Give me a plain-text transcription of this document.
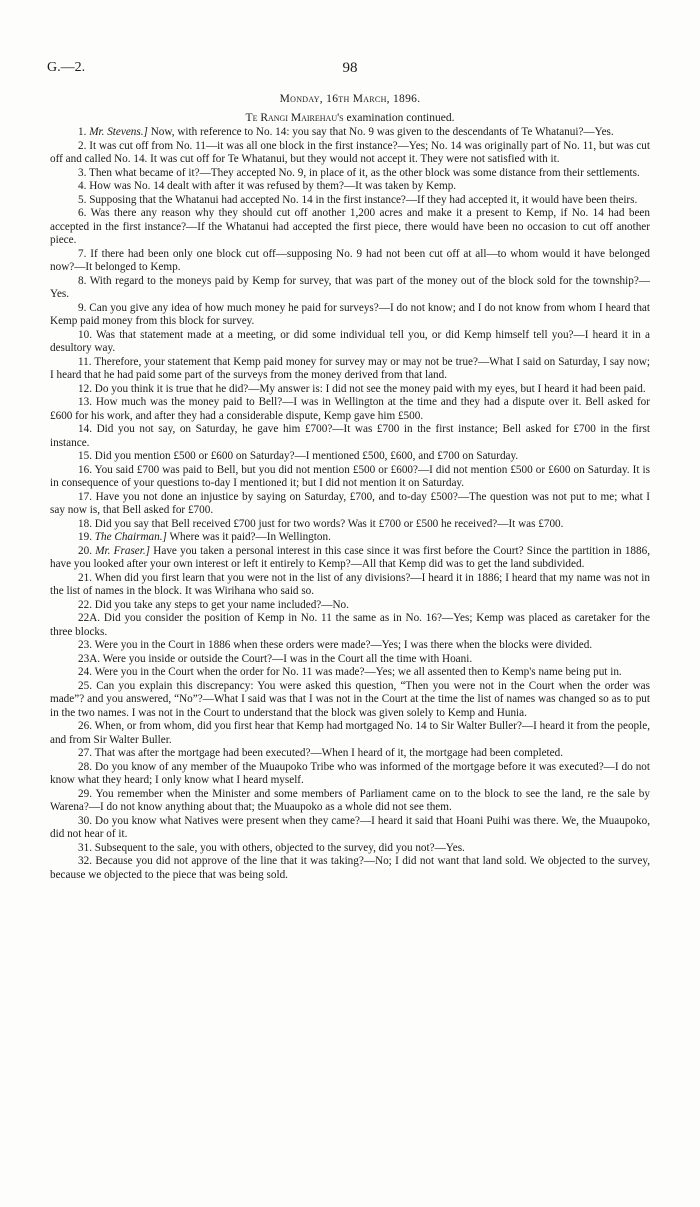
G.—2.	98
Monday, 16th March, 1896.
Te Rangi Mairehau's examination continued.

1. Mr. Stevens.] Now, with reference to No. 14: you say that No. 9 was given to the descendants of Te Whatanui?—Yes.

2. It was cut off from No. 11—it was all one block in the first instance?—Yes; No. 14 was originally part of No. 11, but was cut off and called No. 14. It was cut off for Te Whatanui, but they would not accept it. They were not satisfied with it.

3. Then what became of it?—They accepted No. 9, in place of it, as the other block was some distance from their settlements.

4. How was No. 14 dealt with after it was refused by them?—It was taken by Kemp.

5. Supposing that the Whatanui had accepted No. 14 in the first instance?—If they had accepted it, it would have been theirs.

6. Was there any reason why they should cut off another 1,200 acres and make it a present to Kemp, if No. 14 had been accepted in the first instance?—If the Whatanui had accepted the first piece, there would have been no occasion to cut off another piece.

7. If there had been only one block cut off—supposing No. 9 had not been cut off at all—to whom would it have belonged now?—It belonged to Kemp.

8. With regard to the moneys paid by Kemp for survey, that was part of the money out of the block sold for the township?—Yes.

9. Can you give any idea of how much money he paid for surveys?—I do not know; and I do not know from whom I heard that Kemp paid money from this block for survey.

10. Was that statement made at a meeting, or did some individual tell you, or did Kemp himself tell you?—I heard it in a desultory way.

11. Therefore, your statement that Kemp paid money for survey may or may not be true?—What I said on Saturday, I say now; I heard that he had paid some part of the surveys from the money derived from that land.

12. Do you think it is true that he did?—My answer is: I did not see the money paid with my eyes, but I heard it had been paid.

13. How much was the money paid to Bell?—I was in Wellington at the time and they had a dispute over it. Bell asked for £600 for his work, and after they had a considerable dispute, Kemp gave him £500.

14. Did you not say, on Saturday, he gave him £700?—It was £700 in the first instance; Bell asked for £700 in the first instance.

15. Did you mention £500 or £600 on Saturday?—I mentioned £500, £600, and £700 on Saturday.

16. You said £700 was paid to Bell, but you did not mention £500 or £600?—I did not mention £500 or £600 on Saturday. It is in consequence of your questions to-day I mentioned it; but I did not mention it on Saturday.

17. Have you not done an injustice by saying on Saturday, £700, and to-day £500?—The question was not put to me; what I say now is, that Bell asked for £700.

18. Did you say that Bell received £700 just for two words? Was it £700 or £500 he received?—It was £700.

19. The Chairman.] Where was it paid?—In Wellington.

20. Mr. Fraser.] Have you taken a personal interest in this case since it was first before the Court? Since the partition in 1886, have you looked after your own interest or left it entirely to Kemp?—All that Kemp did was to get the land subdivided.

21. When did you first learn that you were not in the list of any divisions?—I heard it in 1886; I heard that my name was not in the list of names in the block. It was Wirihana who said so.

22. Did you take any steps to get your name included?—No.

22A. Did you consider the position of Kemp in No. 11 the same as in No. 16?—Yes; Kemp was placed as caretaker for the three blocks.

23. Were you in the Court in 1886 when these orders were made?—Yes; I was there when the blocks were divided.

23A. Were you inside or outside the Court?—I was in the Court all the time with Hoani.

24. Were you in the Court when the order for No. 11 was made?—Yes; we all assented then to Kemp's name being put in.

25. Can you explain this discrepancy: You were asked this question, “Then you were not in the Court when the order was made”? and you answered, “No”?—What I said was that I was not in the Court at the time the list of names was changed so as to put in the two names. I was not in the Court to understand that the block was given solely to Kemp and Hunia.

26. When, or from whom, did you first hear that Kemp had mortgaged No. 14 to Sir Walter Buller?—I heard it from the people, and from Sir Walter Buller.

27. That was after the mortgage had been executed?—When I heard of it, the mortgage had been completed.

28. Do you know of any member of the Muaupoko Tribe who was informed of the mortgage before it was executed?—I do not know what they heard; I only know what I heard myself.

29. You remember when the Minister and some members of Parliament came on to the block to see the land, re the sale by Warena?—I do not know anything about that; the Muaupoko as a whole did not see them.

30. Do you know what Natives were present when they came?—I heard it said that Hoani Puihi was there. We, the Muaupoko, did not hear of it.

31. Subsequent to the sale, you with others, objected to the survey, did you not?—Yes.

32. Because you did not approve of the line that it was taking?—No; I did not want that land sold. We objected to the survey, because we objected to the piece that was being sold.
